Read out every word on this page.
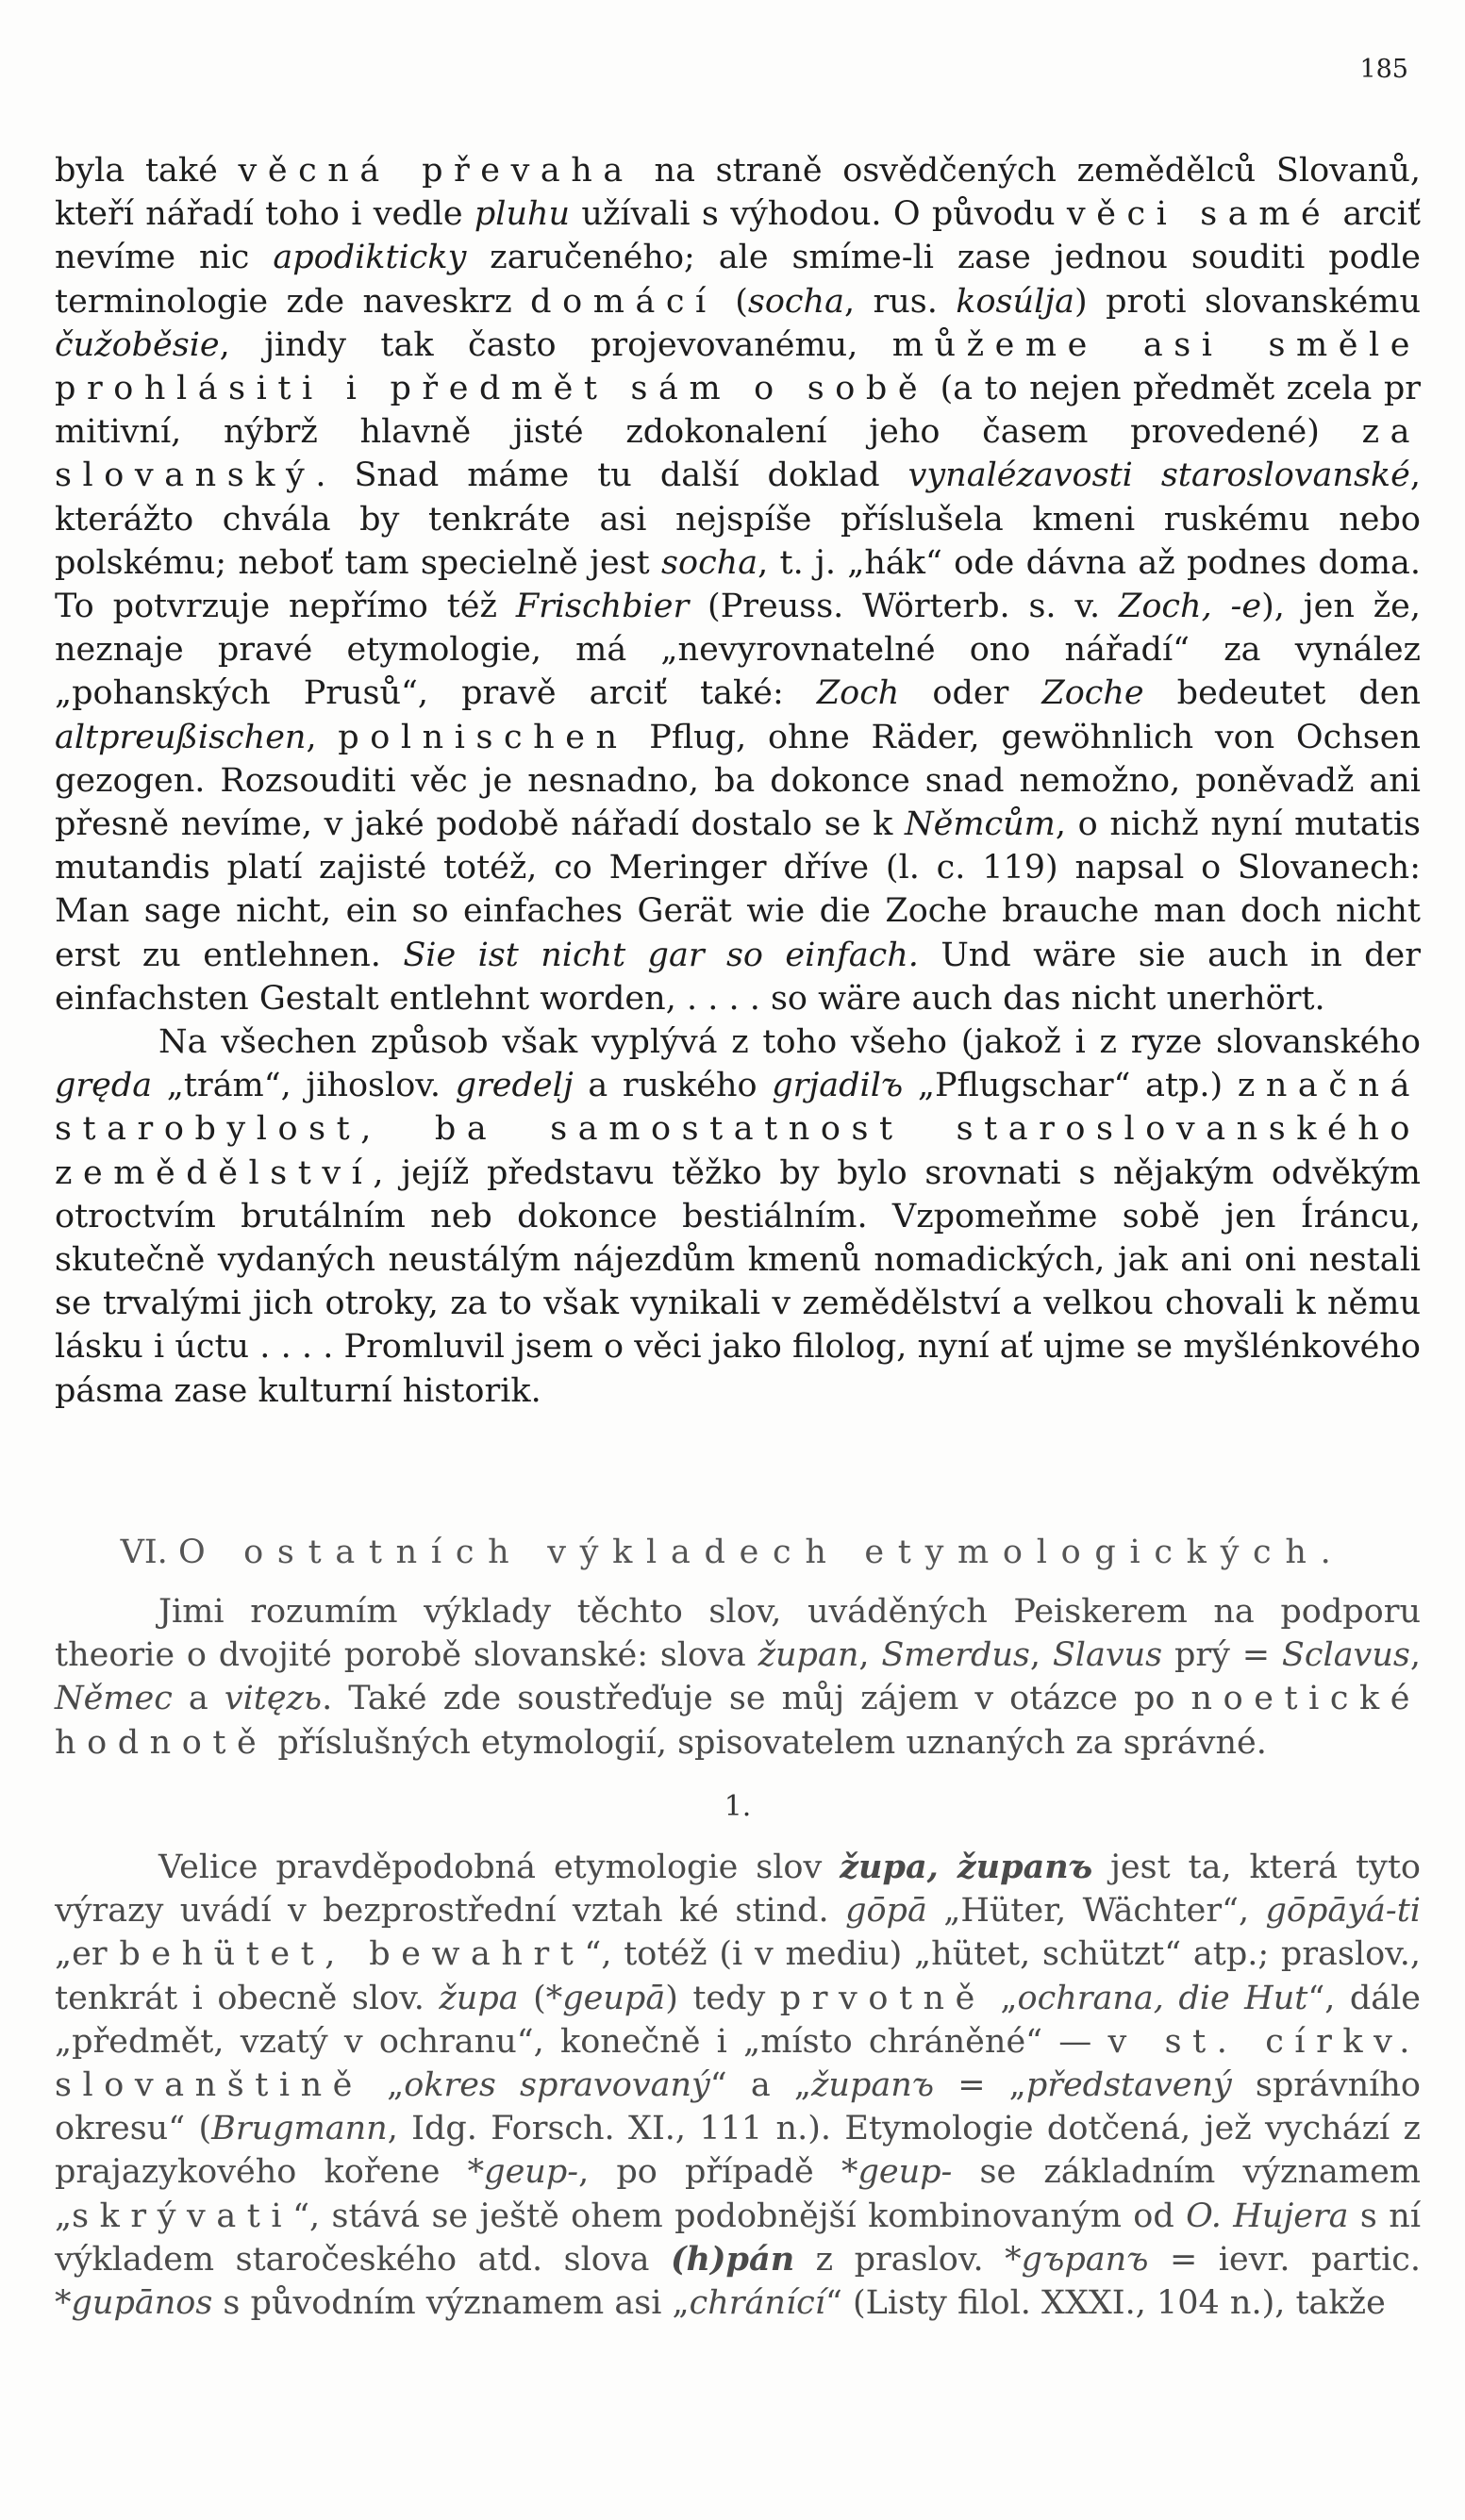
185

byla také věcná převaha na straně osvědčených zemědělců Slovanů, kteří nářadí toho i vedle pluhu užívali s výhodou. O původu věci samé arciť nevíme nic apodikticky zaručeného; ale smíme-li zase jednou souditi podle terminologie zde naveskrz domácí (socha, rus. kosúlja) proti slovanskému čužoběsie, jindy tak často projevovanému, můžeme asi směle prohlásiti i předmět sám o sobě (a to nejen předmět zcela pr mitivní, nýbrž hlavně jisté zdokonalení jeho časem provedené) za slovanský. Snad máme tu další doklad vynalézavosti staroslovanské, kterážto chvála by tenkráte asi nejspíše příslušela kmeni ruskému nebo polskému; neboť tam specielně jest socha, t. j. „hák“ ode dávna až podnes doma. To potvrzuje nepřímo též Frischbier (Preuss. Wörterb. s. v. Zoch, -e), jen že, neznaje pravé etymologie, má „nevyrovnatelné ono nářadí“ za vynález „pohanských Prusů“, pravě arciť také: Zoch oder Zoche bedeutet den altpreußischen, polnischen Pflug, ohne Räder, gewöhnlich von Ochsen gezogen. Rozsouditi věc je nesnadno, ba dokonce snad nemožno, poněvadž ani přesně nevíme, v jaké podobě nářadí dostalo se k Němcům, o nichž nyní mutatis mutandis platí zajisté totéž, co Meringer dříve (l. c. 119) napsal o Slovanech: Man sage nicht, ein so einfaches Gerät wie die Zoche brauche man doch nicht erst zu entlehnen. Sie ist nicht gar so einfach. Und wäre sie auch in der einfachsten Gestalt entlehnt worden, . . . . so wäre auch das nicht unerhört.

Na všechen způsob však vyplývá z toho všeho (jakož i z ryze slovanského gręda „trám“, jihoslov. gredelj a ruského grjadilъ „Pflugschar“ atp.) značná starobylost, ba samostatnost staroslovanského zemědělství, jejíž představu těžko by bylo srovnati s nějakým odvěkým otroctvím brutálním neb dokonce bestiálním. Vzpomeňme sobě jen Íráncu, skutečně vydaných neustálým nájezdům kmenů nomadických, jak ani oni nestali se trvalými jich otroky, za to však vynikali v zemědělství a velkou chovali k němu lásku i úctu . . . . Promluvil jsem o věci jako filolog, nyní ať ujme se myšlénkového pásma zase kulturní historik.

VI. O ostatních výkladech etymologických.

Jimi rozumím výklady těchto slov, uváděných Peiskerem na podporu theorie o dvojité porobě slovanské: slova župan, Smerdus, Slavus prý = Sclavus, Němec a vitęzь. Také zde soustřeďuje se můj zájem v otázce po noetické hodnotě příslušných etymologií, spisovatelem uznaných za správné.

1.

Velice pravděpodobná etymologie slov župa, županъ jest ta, která tyto výrazy uvádí v bezprostřední vztah ké stind. gōpā „Hüter, Wächter“, gōpāyá-ti „er behütet, bewahrt“, totéž (i v mediu) „hütet, schützt“ atp.; praslov., tenkrát i obecně slov. župa (*geupā) tedy prvotně „ochrana, die Hut“, dále „předmět, vzatý v ochranu“, konečně i „místo chráněné“ — v st. církv. slovanštině „okres spravovaný“ a „županъ = „představený správního okresu“ (Brugmann, Idg. Forsch. XI., 111 n.). Etymologie dotčená, jež vychází z prajazykového kořene *geup-, po případě *gеup- se základním významem „skrývati“, stává se ještě ohem podobnější kombinovaným od O. Hujera s ní výkladem staročeského atd. slova (h)pán z praslov. *gъpanъ = ievr. partic. *gupānos s původním významem asi „chránící“ (Listy filol. XXXI., 104 n.), takže
